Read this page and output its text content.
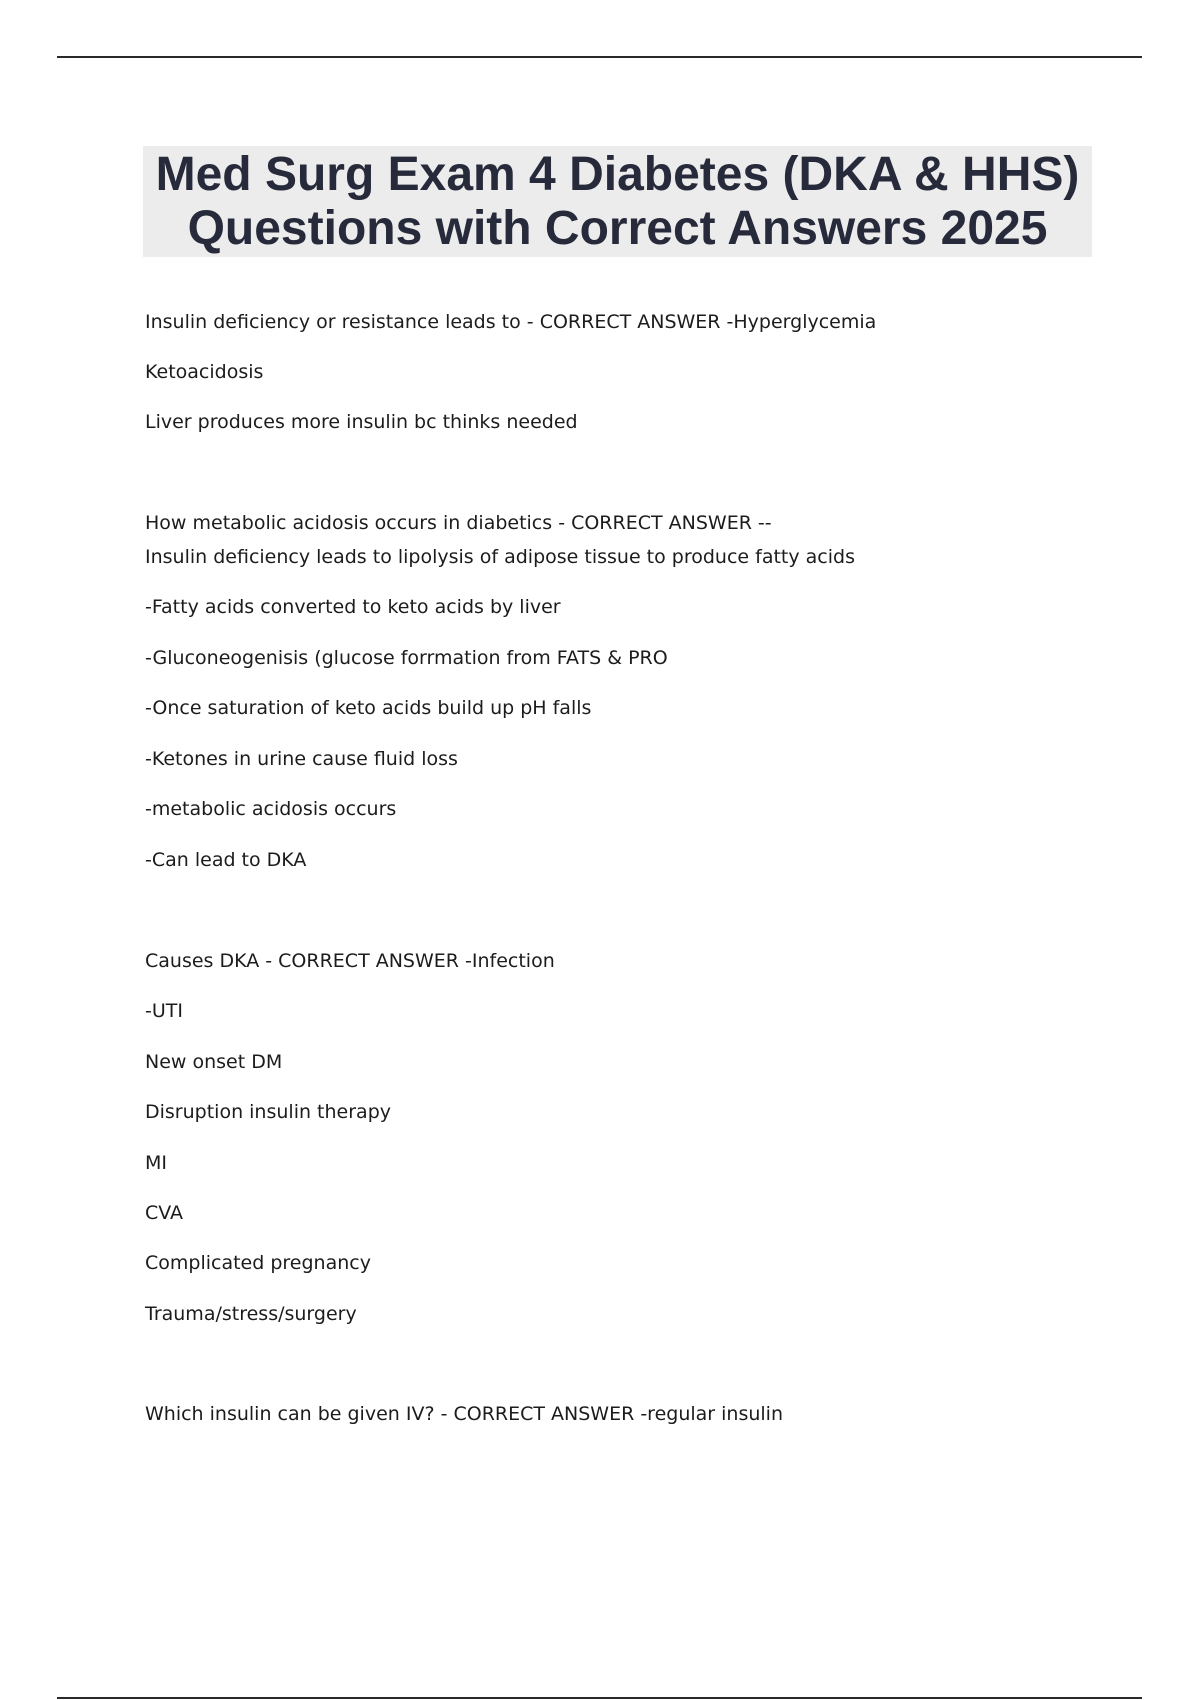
Med Surg Exam 4 Diabetes (DKA & HHS)
Questions with Correct Answers 2025

Insulin deficiency or resistance leads to - CORRECT ANSWER -Hyperglycemia

Ketoacidosis

Liver produces more insulin bc thinks needed

How metabolic acidosis occurs in diabetics - CORRECT ANSWER --

Insulin deficiency leads to lipolysis of adipose tissue to produce fatty acids

-Fatty acids converted to keto acids by liver

-Gluconeogenisis (glucose forrmation from FATS & PRO

-Once saturation of keto acids build up pH falls

-Ketones in urine cause fluid loss

-metabolic acidosis occurs

-Can lead to DKA

Causes DKA - CORRECT ANSWER -Infection

-UTI

New onset DM

Disruption insulin therapy

MI

CVA

Complicated pregnancy

Trauma/stress/surgery

Which insulin can be given IV? - CORRECT ANSWER -regular insulin
